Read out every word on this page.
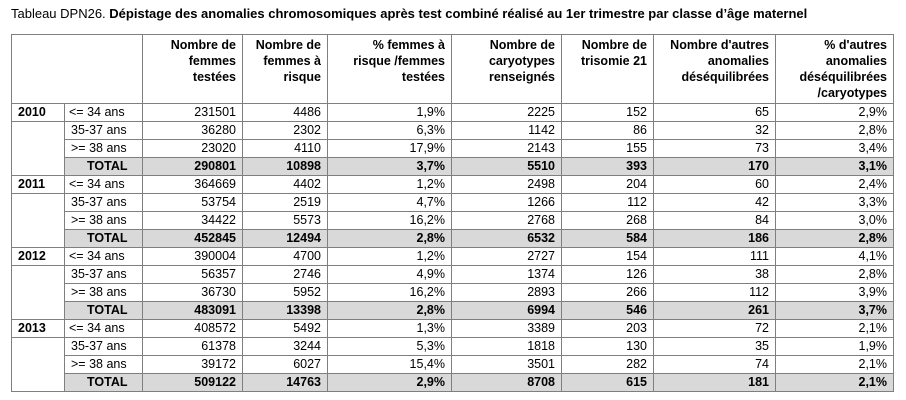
Tableau DPN26. Dépistage des anomalies chromosomiques après test combiné réalisé au 1er trimestre par classe d’âge maternel
		Nombre de femmes testées	Nombre de femmes à risque	% femmes à risque /femmes testées	Nombre de caryotypes renseignés	Nombre de trisomie 21	Nombre d'autres anomalies déséquilibrées	% d'autres anomalies déséquilibrées /caryotypes
2010	<= 34 ans	231501	4486	1,9%	2225	152	65	2,9%
	35-37 ans	36280	2302	6,3%	1142	86	32	2,8%
	>= 38 ans	23020	4110	17,9%	2143	155	73	3,4%
	TOTAL	290801	10898	3,7%	5510	393	170	3,1%
2011	<= 34 ans	364669	4402	1,2%	2498	204	60	2,4%
	35-37 ans	53754	2519	4,7%	1266	112	42	3,3%
	>= 38 ans	34422	5573	16,2%	2768	268	84	3,0%
	TOTAL	452845	12494	2,8%	6532	584	186	2,8%
2012	<= 34 ans	390004	4700	1,2%	2727	154	111	4,1%
	35-37 ans	56357	2746	4,9%	1374	126	38	2,8%
	>= 38 ans	36730	5952	16,2%	2893	266	112	3,9%
	TOTAL	483091	13398	2,8%	6994	546	261	3,7%
2013	<= 34 ans	408572	5492	1,3%	3389	203	72	2,1%
	35-37 ans	61378	3244	5,3%	1818	130	35	1,9%
	>= 38 ans	39172	6027	15,4%	3501	282	74	2,1%
	TOTAL	509122	14763	2,9%	8708	615	181	2,1%
